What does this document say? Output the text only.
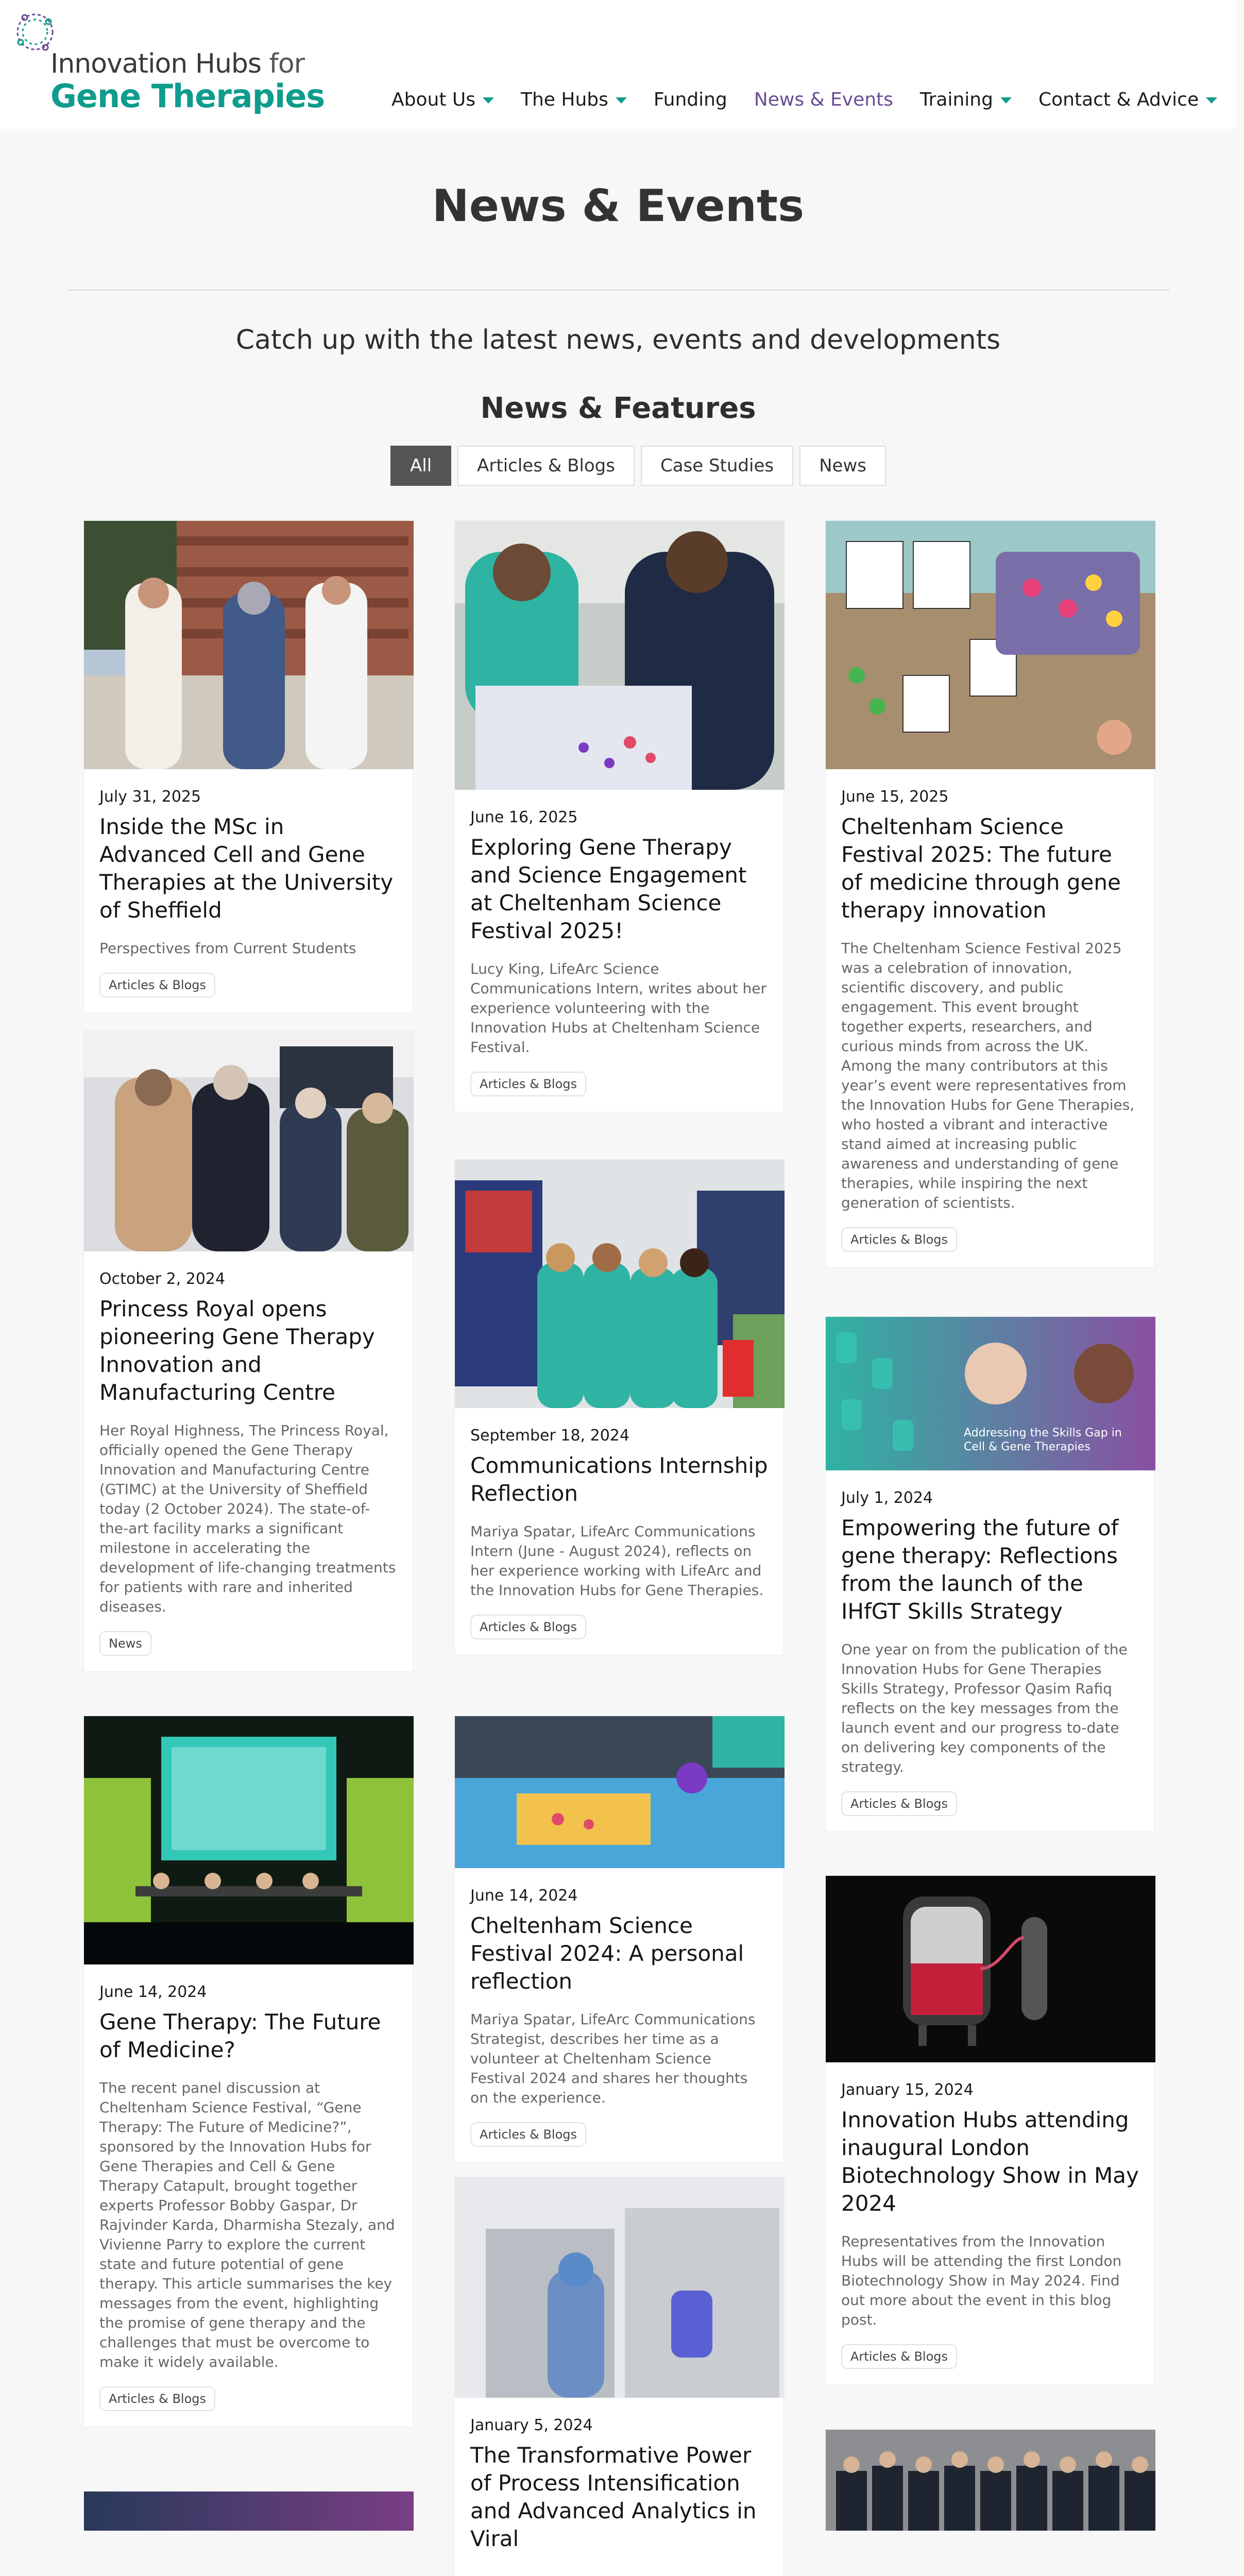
Innovation Hubs for
Gene Therapies	About Us The Hubs Funding News & Events Training Contact & Advice
News & Events
Catch up with the latest news, events and developments
News & Features
All	Articles & Blogs	Case Studies	News
July 31, 2025
Inside the MSc in Advanced Cell and Gene Therapies at the University of Sheffield
Perspectives from Current Students
Articles & Blogs
October 2, 2024
Princess Royal opens pioneering Gene Therapy Innovation and Manufacturing Centre
Her Royal Highness, The Princess Royal, officially opened the Gene Therapy Innovation and Manufacturing Centre (GTIMC) at the University of Sheffield today (2 October 2024). The state-of-the-art facility marks a significant milestone in accelerating the development of life-changing treatments for patients with rare and inherited diseases.
News
June 14, 2024
Gene Therapy: The Future of Medicine?
The recent panel discussion at Cheltenham Science Festival, “Gene Therapy: The Future of Medicine?”, sponsored by the Innovation Hubs for Gene Therapies and Cell & Gene Therapy Catapult, brought together experts Professor Bobby Gaspar, Dr Rajvinder Karda, Dharmisha Stezaly, and Vivienne Parry to explore the current state and future potential of gene therapy. This article summarises the key messages from the event, highlighting the promise of gene therapy and the challenges that must be overcome to make it widely available.
Articles & Blogs
June 16, 2025
Exploring Gene Therapy and Science Engagement at Cheltenham Science Festival 2025!
Lucy King, LifeArc Science Communications Intern, writes about her experience volunteering with the Innovation Hubs at Cheltenham Science Festival.
Articles & Blogs
September 18, 2024
Communications Internship Reflection
Mariya Spatar, LifeArc Communications Intern (June - August 2024), reflects on her experience working with LifeArc and the Innovation Hubs for Gene Therapies.
Articles & Blogs
June 14, 2024
Cheltenham Science Festival 2024: A personal reflection
Mariya Spatar, LifeArc Communications Strategist, describes her time as a volunteer at Cheltenham Science Festival 2024 and shares her thoughts on the experience.
Articles & Blogs
January 5, 2024
The Transformative Power of Process Intensification and Advanced Analytics in Viral
June 15, 2025
Cheltenham Science Festival 2025: The future of medicine through gene therapy innovation
The Cheltenham Science Festival 2025 was a celebration of innovation, scientific discovery, and public engagement. This event brought together experts, researchers, and curious minds from across the UK. Among the many contributors at this year’s event were representatives from the Innovation Hubs for Gene Therapies, who hosted a vibrant and interactive stand aimed at increasing public awareness and understanding of gene therapies, while inspiring the next generation of scientists.
Articles & Blogs
Addressing the Skills Gap in Cell & Gene Therapies
July 1, 2024
Empowering the future of gene therapy: Reflections from the launch of the IHfGT Skills Strategy
One year on from the publication of the Innovation Hubs for Gene Therapies Skills Strategy, Professor Qasim Rafiq reflects on the key messages from the launch event and our progress to-date on delivering key components of the strategy.
Articles & Blogs
January 15, 2024
Innovation Hubs attending inaugural London Biotechnology Show in May 2024
Representatives from the Innovation Hubs will be attending the first London Biotechnology Show in May 2024. Find out more about the event in this blog post.
Articles & Blogs
